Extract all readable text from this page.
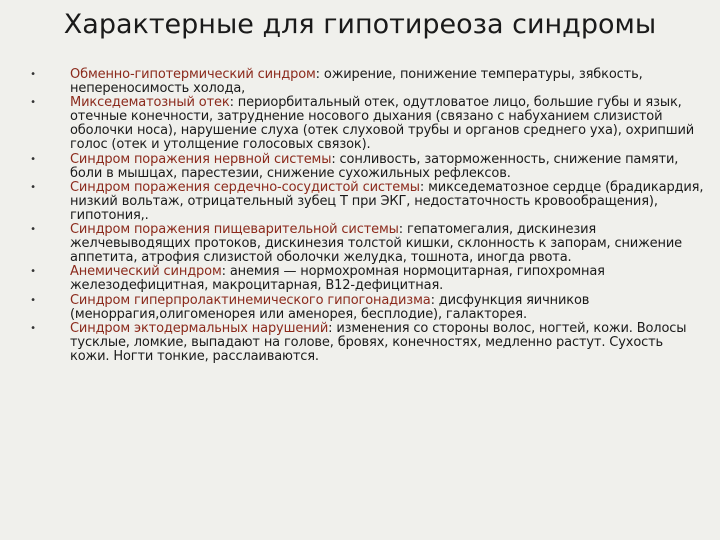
Характерные для гипотиреоза синдромы
•	Обменно-гипотермический синдром: ожирение, понижение температуры, зябкость, непереносимость холода,
•	Микседематозный отек: периорбитальный отек, одутловатое лицо, большие губы и язык, отечные конечности, затруднение носового дыхания (связано с набуханием слизистой оболочки носа), нарушение слуха (отек слуховой трубы и органов среднего уха), охрипший голос (отек и утолщение голосовых связок).
•	Синдром поражения нервной системы: сонливость, заторможенность, снижение памяти, боли в мышцах, парестезии, снижение сухожильных рефлексов.
•	Синдром поражения сердечно-сосудистой системы: микседематозное сердце (брадикардия, низкий вольтаж, отрицательный зубец Т при ЭКГ, недостаточность кровообращения), гипотония,.
•	Синдром поражения пищеварительной системы: гепатомегалия, дискинезия желчевыводящих протоков, дискинезия толстой кишки, склонность к запорам, снижение аппетита, атрофия слизистой оболочки желудка, тошнота, иногда рвота.
•	Анемический синдром: анемия — нормохромная нормоцитарная, гипохромная железодефицитная, макроцитарная, В12-дефицитная.
•	Синдром гиперпролактинемического гипогонадизма: дисфункция яичников (меноррагия,олигоменорея или аменорея, бесплодие), галакторея.
•	Синдром эктодермальных нарушений: изменения со стороны волос, ногтей, кожи. Волосы тусклые, ломкие, выпадают на голове, бровях, конечностях, медленно растут. Сухость кожи. Ногти тонкие, расслаиваются.
